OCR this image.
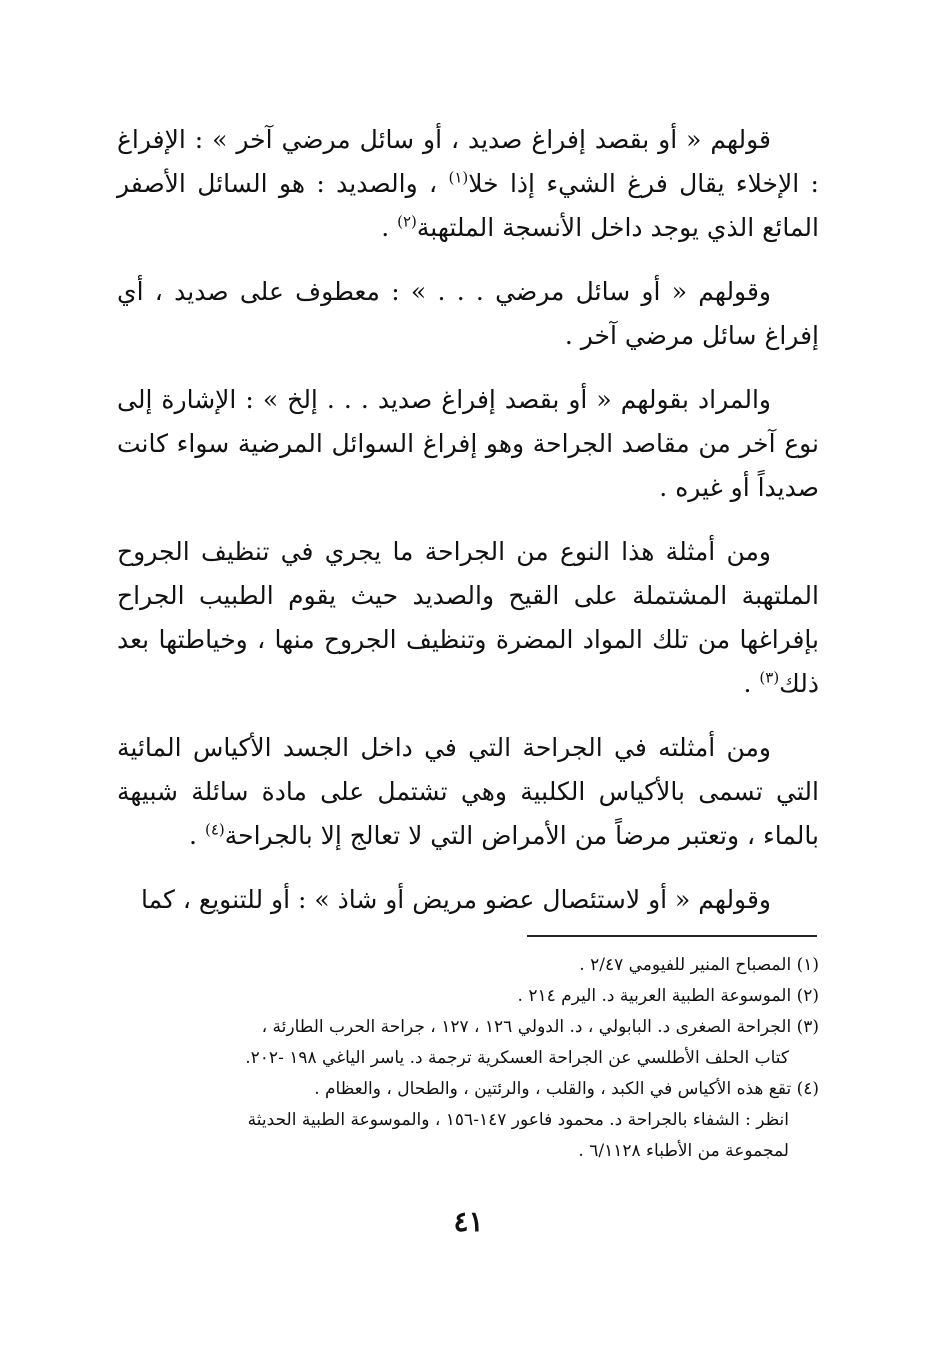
قولهم « أو بقصد إفراغ صديد ، أو سائل مرضي آخر » : الإفراغ : الإخلاء يقال فرغ الشيء إذا خلا$^{(١)}$ ، والصديد : هو السائل الأصفر المائع الذي يوجد داخل الأنسجة الملتهبة$^{(٢)}$ .

وقولهم « أو سائل مرضي . . . » : معطوف على صديد ، أي إفراغ سائل مرضي آخر .

والمراد بقولهم « أو بقصد إفراغ صديد . . . إلخ » : الإشارة إلى نوع آخر من مقاصد الجراحة وهو إفراغ السوائل المرضية سواء كانت صديداً أو غيره .

ومن أمثلة هذا النوع من الجراحة ما يجري في تنظيف الجروح الملتهبة المشتملة على القيح والصديد حيث يقوم الطبيب الجراح بإفراغها من تلك المواد المضرة وتنظيف الجروح منها ، وخياطتها بعد ذلك$^{(٣)}$ .

ومن أمثلته في الجراحة التي في داخل الجسد الأكياس المائية التي تسمى بالأكياس الكلبية وهي تشتمل على مادة سائلة شبيهة بالماء ، وتعتبر مرضاً من الأمراض التي لا تعالج إلا بالجراحة$^{(٤)}$ .

وقولهم « أو لاستئصال عضو مريض أو شاذ » : أو للتنويع ، كما

(١) المصباح المنير للفيومي ٢/٤٧ .

(٢) الموسوعة الطبية العربية د. اليرم ٢١٤ .

(٣) الجراحة الصغرى د. البابولي ، د. الدولي ١٢٦ ، ١٢٧ ، جراحة الحرب الطارئة ،

كتاب الحلف الأطلسي عن الجراحة العسكرية ترجمة د. ياسر الياغي ١٩٨ -٢٠٢.

(٤) تقع هذه الأكياس في الكبد ، والقلب ، والرئتين ، والطحال ، والعظام .

انظر : الشفاء بالجراحة د. محمود فاعور ١٤٧-١٥٦ ، والموسوعة الطبية الحديثة

لمجموعة من الأطباء ٦/١١٢٨ .

٤١
